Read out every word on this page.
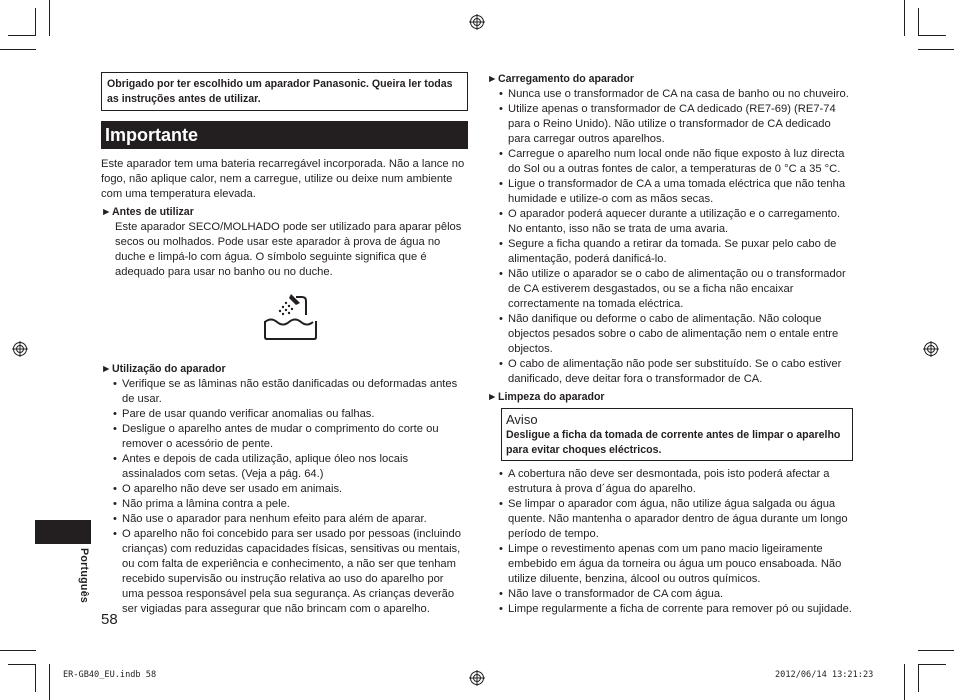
Obrigado por ter escolhido um aparador Panasonic. Queira ler todas as instruções antes de utilizar.
Importante
Este aparador tem uma bateria recarregável incorporada. Não a lance no fogo, não aplique calor, nem a carregue, utilize ou deixe num ambiente com uma temperatura elevada.
►Antes de utilizar
Este aparador SECO/MOLHADO pode ser utilizado para aparar pêlos secos ou molhados. Pode usar este aparador à prova de água no duche e limpá-lo com água. O símbolo seguinte significa que é adequado para usar no banho ou no duche.
►Utilização do aparador
• Verifique se as lâminas não estão danificadas ou deformadas antes de usar.
• Pare de usar quando verificar anomalias ou falhas.
• Desligue o aparelho antes de mudar o comprimento do corte ou remover o acessório de pente.
• Antes e depois de cada utilização, aplique óleo nos locais assinalados com setas. (Veja a pág. 64.)
• O aparelho não deve ser usado em animais.
• Não prima a lâmina contra a pele.
• Não use o aparador para nenhum efeito para além de aparar.
• O aparelho não foi concebido para ser usado por pessoas (incluindo crianças) com reduzidas capacidades físicas, sensitivas ou mentais, ou com falta de experiência e conhecimento, a não ser que tenham recebido supervisão ou instrução relativa ao uso do aparelho por uma pessoa responsável pela sua segurança. As crianças deverão ser vigiadas para assegurar que não brincam com o aparelho.
►Carregamento do aparador
• Nunca use o transformador de CA na casa de banho ou no chuveiro.
• Utilize apenas o transformador de CA dedicado (RE7-69) (RE7-74 para o Reino Unido). Não utilize o transformador de CA dedicado para carregar outros aparelhos.
• Carregue o aparelho num local onde não fique exposto à luz directa do Sol ou a outras fontes de calor, a temperaturas de 0 °C a 35 °C.
• Ligue o transformador de CA a uma tomada eléctrica que não tenha humidade e utilize-o com as mãos secas.
• O aparador poderá aquecer durante a utilização e o carregamento. No entanto, isso não se trata de uma avaria.
• Segure a ficha quando a retirar da tomada. Se puxar pelo cabo de alimentação, poderá danificá-lo.
• Não utilize o aparador se o cabo de alimentação ou o transformador de CA estiverem desgastados, ou se a ficha não encaixar correctamente na tomada eléctrica.
• Não danifique ou deforme o cabo de alimentação. Não coloque objectos pesados sobre o cabo de alimentação nem o entale entre objectos.
• O cabo de alimentação não pode ser substituído. Se o cabo estiver danificado, deve deitar fora o transformador de CA.
►Limpeza do aparador
Aviso
Desligue a ficha da tomada de corrente antes de limpar o aparelho para evitar choques eléctricos.
• A cobertura não deve ser desmontada, pois isto poderá afectar a estrutura à prova d´água do aparelho.
• Se limpar o aparador com água, não utilize água salgada ou água quente. Não mantenha o aparador dentro de água durante um longo período de tempo.
• Limpe o revestimento apenas com um pano macio ligeiramente embebido em água da torneira ou água um pouco ensaboada. Não utilize diluente, benzina, álcool ou outros químicos.
• Não lave o transformador de CA com água.
• Limpe regularmente a ficha de corrente para remover pó ou sujidade.
Português
58
ER-GB40_EU.indb 58	2012/06/14 13:21:23
